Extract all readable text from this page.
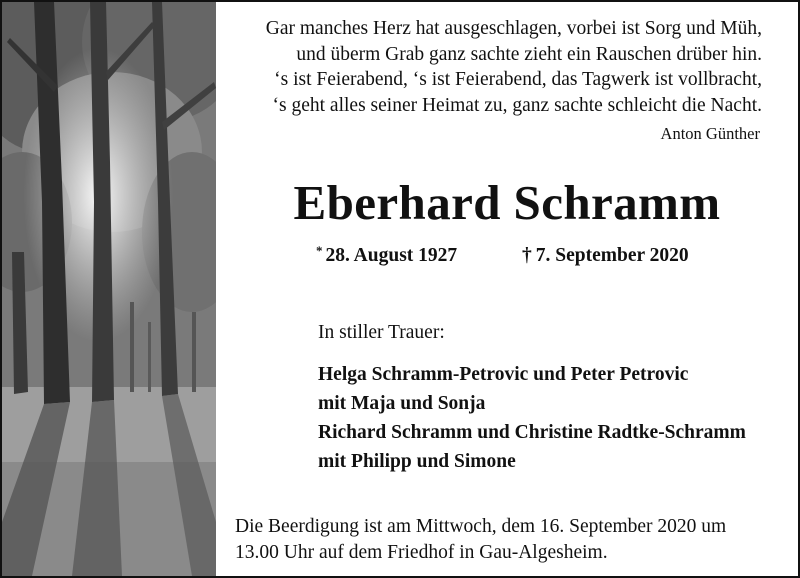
Gar manches Herz hat ausgeschlagen, vorbei ist Sorg und Müh,
und überm Grab ganz sachte zieht ein Rauschen drüber hin.
‘s ist Feierabend, ‘s ist Feierabend, das Tagwerk ist vollbracht,
‘s geht alles seiner Heimat zu, ganz sachte schleicht die Nacht.
Anton Günther
Eberhard Schramm
* 28. August 1927	† 7. September 2020
In stiller Trauer:
Helga Schramm-Petrovic und Peter Petrovic
mit Maja und Sonja
Richard Schramm und Christine Radtke-Schramm
mit Philipp und Simone
Die Beerdigung ist am Mittwoch, dem 16. September 2020 um
13.00 Uhr auf dem Friedhof in Gau-Algesheim.
